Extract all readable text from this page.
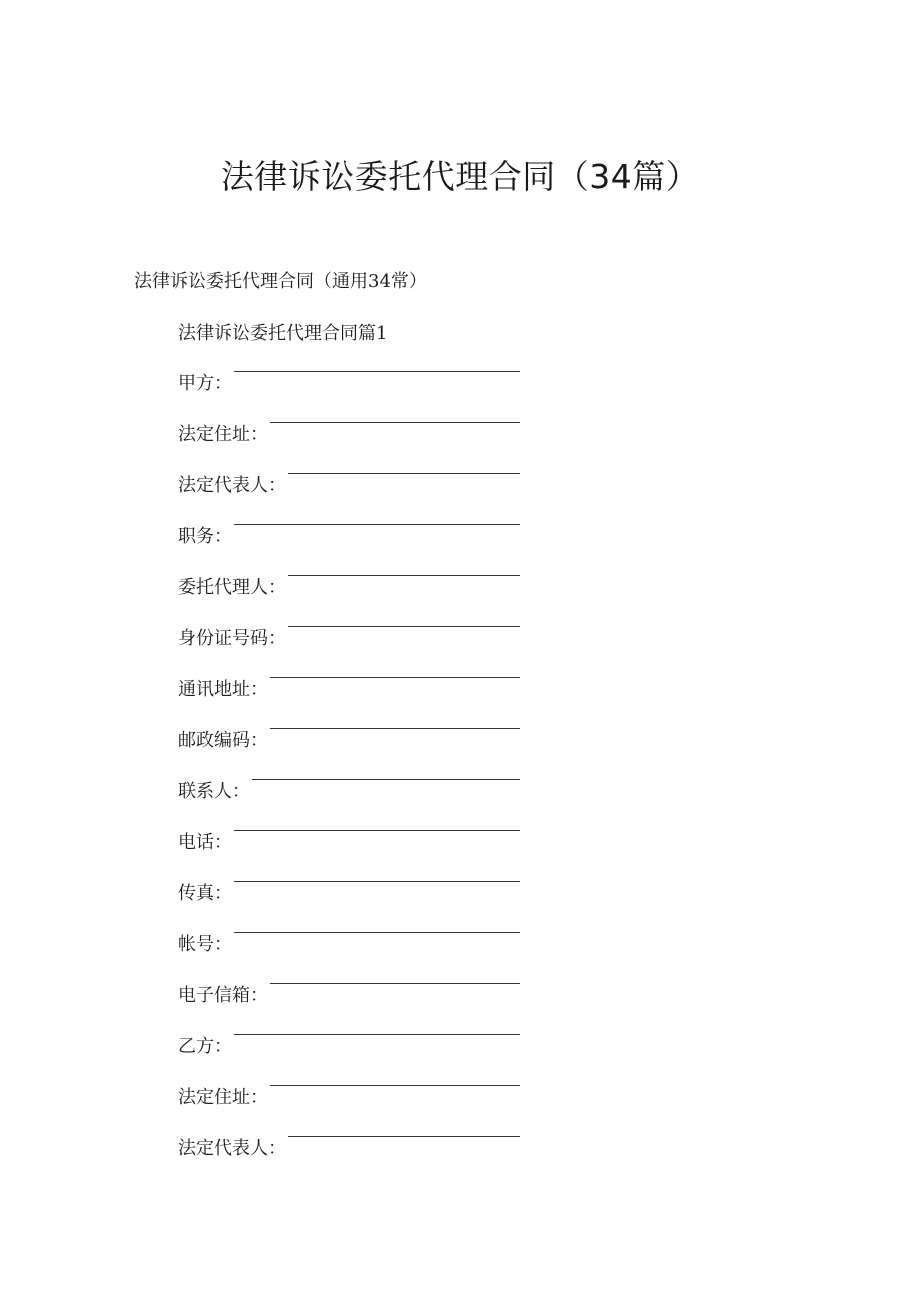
法律诉讼委托代理合同（34篇）
法律诉讼委托代理合同（通用34常）
法律诉讼委托代理合同篇1
甲方：
法定住址：
法定代表人：
职务：
委托代理人：
身份证号码：
通讯地址：
邮政编码：
联系人：
电话：
传真：
帐号：
电子信箱：
乙方：
法定住址：
法定代表人：
